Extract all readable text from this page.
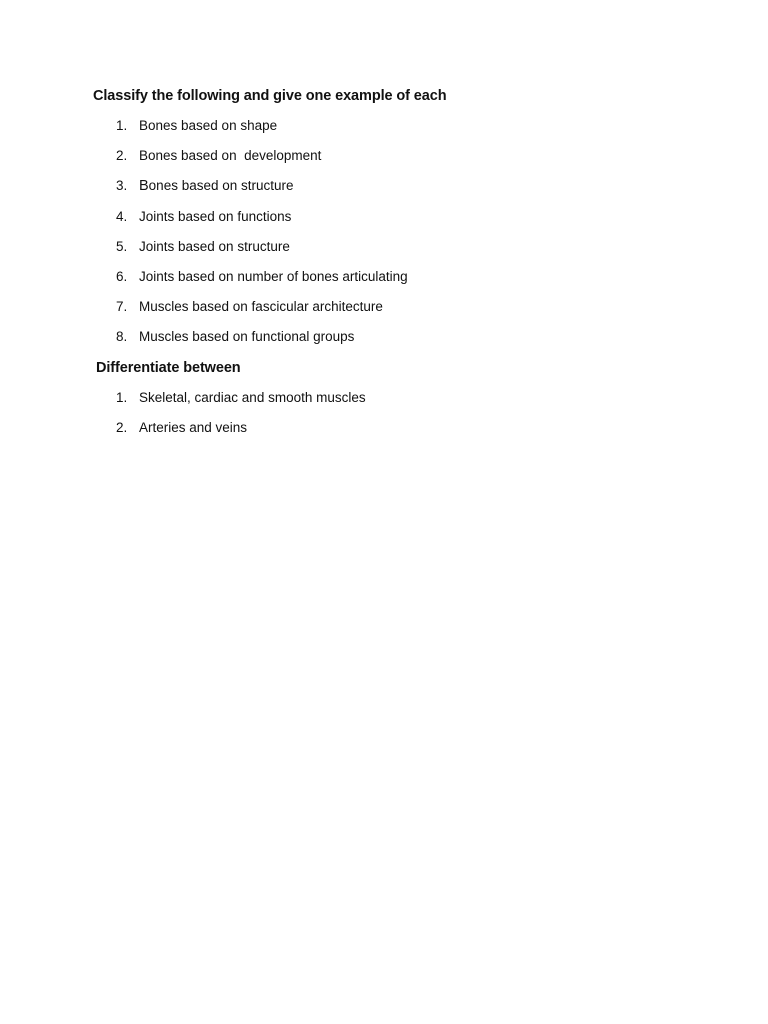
Classify the following and give one example of each
1. Bones based on shape
2. Bones based on  development
3. Bones based on structure
4. Joints based on functions
5. Joints based on structure
6. Joints based on number of bones articulating
7. Muscles based on fascicular architecture
8. Muscles based on functional groups
Differentiate between
1. Skeletal, cardiac and smooth muscles
2. Arteries and veins
